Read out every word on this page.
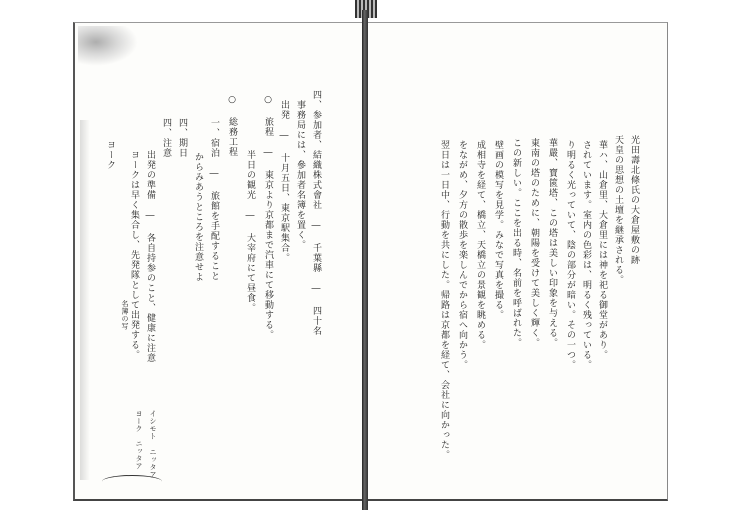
光田壽北條氏の大倉屋敷の跡
天皇の思想の土壇を継承される。
華ハ、山倉里、大倉里には神を祀る御堂があり。
されています。室内の色彩は、明るく残っている。
り明るく光っていて、陰の部分が暗い。その一つ。
華嚴、寶篋塔、この塔は美しい印象を与える。
東南の塔のために、朝陽を受けて美しく輝く。
この新しい。ここを出る時、名前を呼ばれた。
壁画の模写を見学。みなで写真を撮る。
成相寺を経て、橋立、天橋立の景観を眺める。
をながめ、夕方の散歩を楽しんでから宿へ向かう。
翌日は一日中、行動を共にした。帰路は京都を経て、会社に向かった。
四、参加者、結織株式會社 ― 千葉縣 ― 四十名
事務局には、參加者名簿を置く。
出発 ― 十月五日、東京駅集合。
○ 旅程 ― 東京より京都まで汽車にて移動する。
半日の観光 ― 大宰府にて昼食。
○ 総務工程
一、宿泊 ― 旅館を手配すること
からみあうところを注意せよ
四、期日
四、注意
出発の準備 ― 各自持参のこと、健康に注意
ヨークは早く集合し、先発隊として出発する。
ヨーク
名簿の写
ヨーク　ニッタア イシモト ニッタア
